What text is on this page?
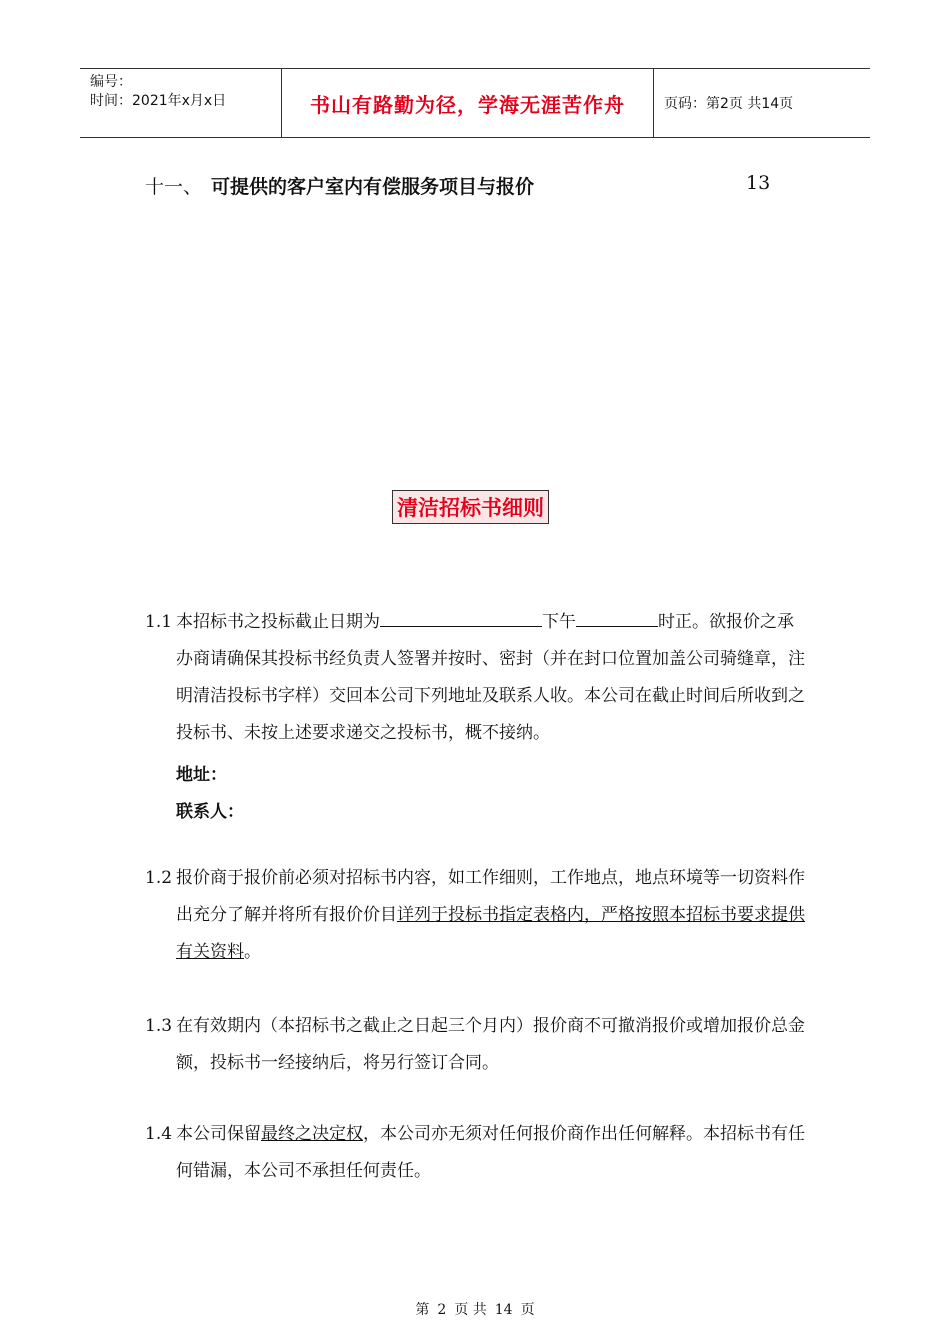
编号：
时间：2021年x月x日	书山有路勤为径，学海无涯苦作舟	页码：第2页 共14页
十一、 可提供的客户室内有偿服务项目与报价	13
清洁招标书细则
1.1 本招标书之投标截止日期为	下午	时正。欲报价之承办商请确保其投标书经负责人签署并按时、密封（并在封口位置加盖公司骑缝章，注明清洁投标书字样）交回本公司下列地址及联系人收。本公司在截止时间后所收到之投标书、未按上述要求递交之投标书，概不接纳。
地址：
联系人：
1.2 报价商于报价前必须对招标书内容，如工作细则，工作地点，地点环境等一切资料作出充分了解并将所有报价价目详列于投标书指定表格内，严格按照本招标书要求提供有关资料。
1.3 在有效期内（本招标书之截止之日起三个月内）报价商不可撤消报价或增加报价总金额，投标书一经接纳后，将另行签订合同。
1.4 本公司保留最终之决定权，本公司亦无须对任何报价商作出任何解释。本招标书有任何错漏，本公司不承担任何责任。
第 2 页 共 14 页
